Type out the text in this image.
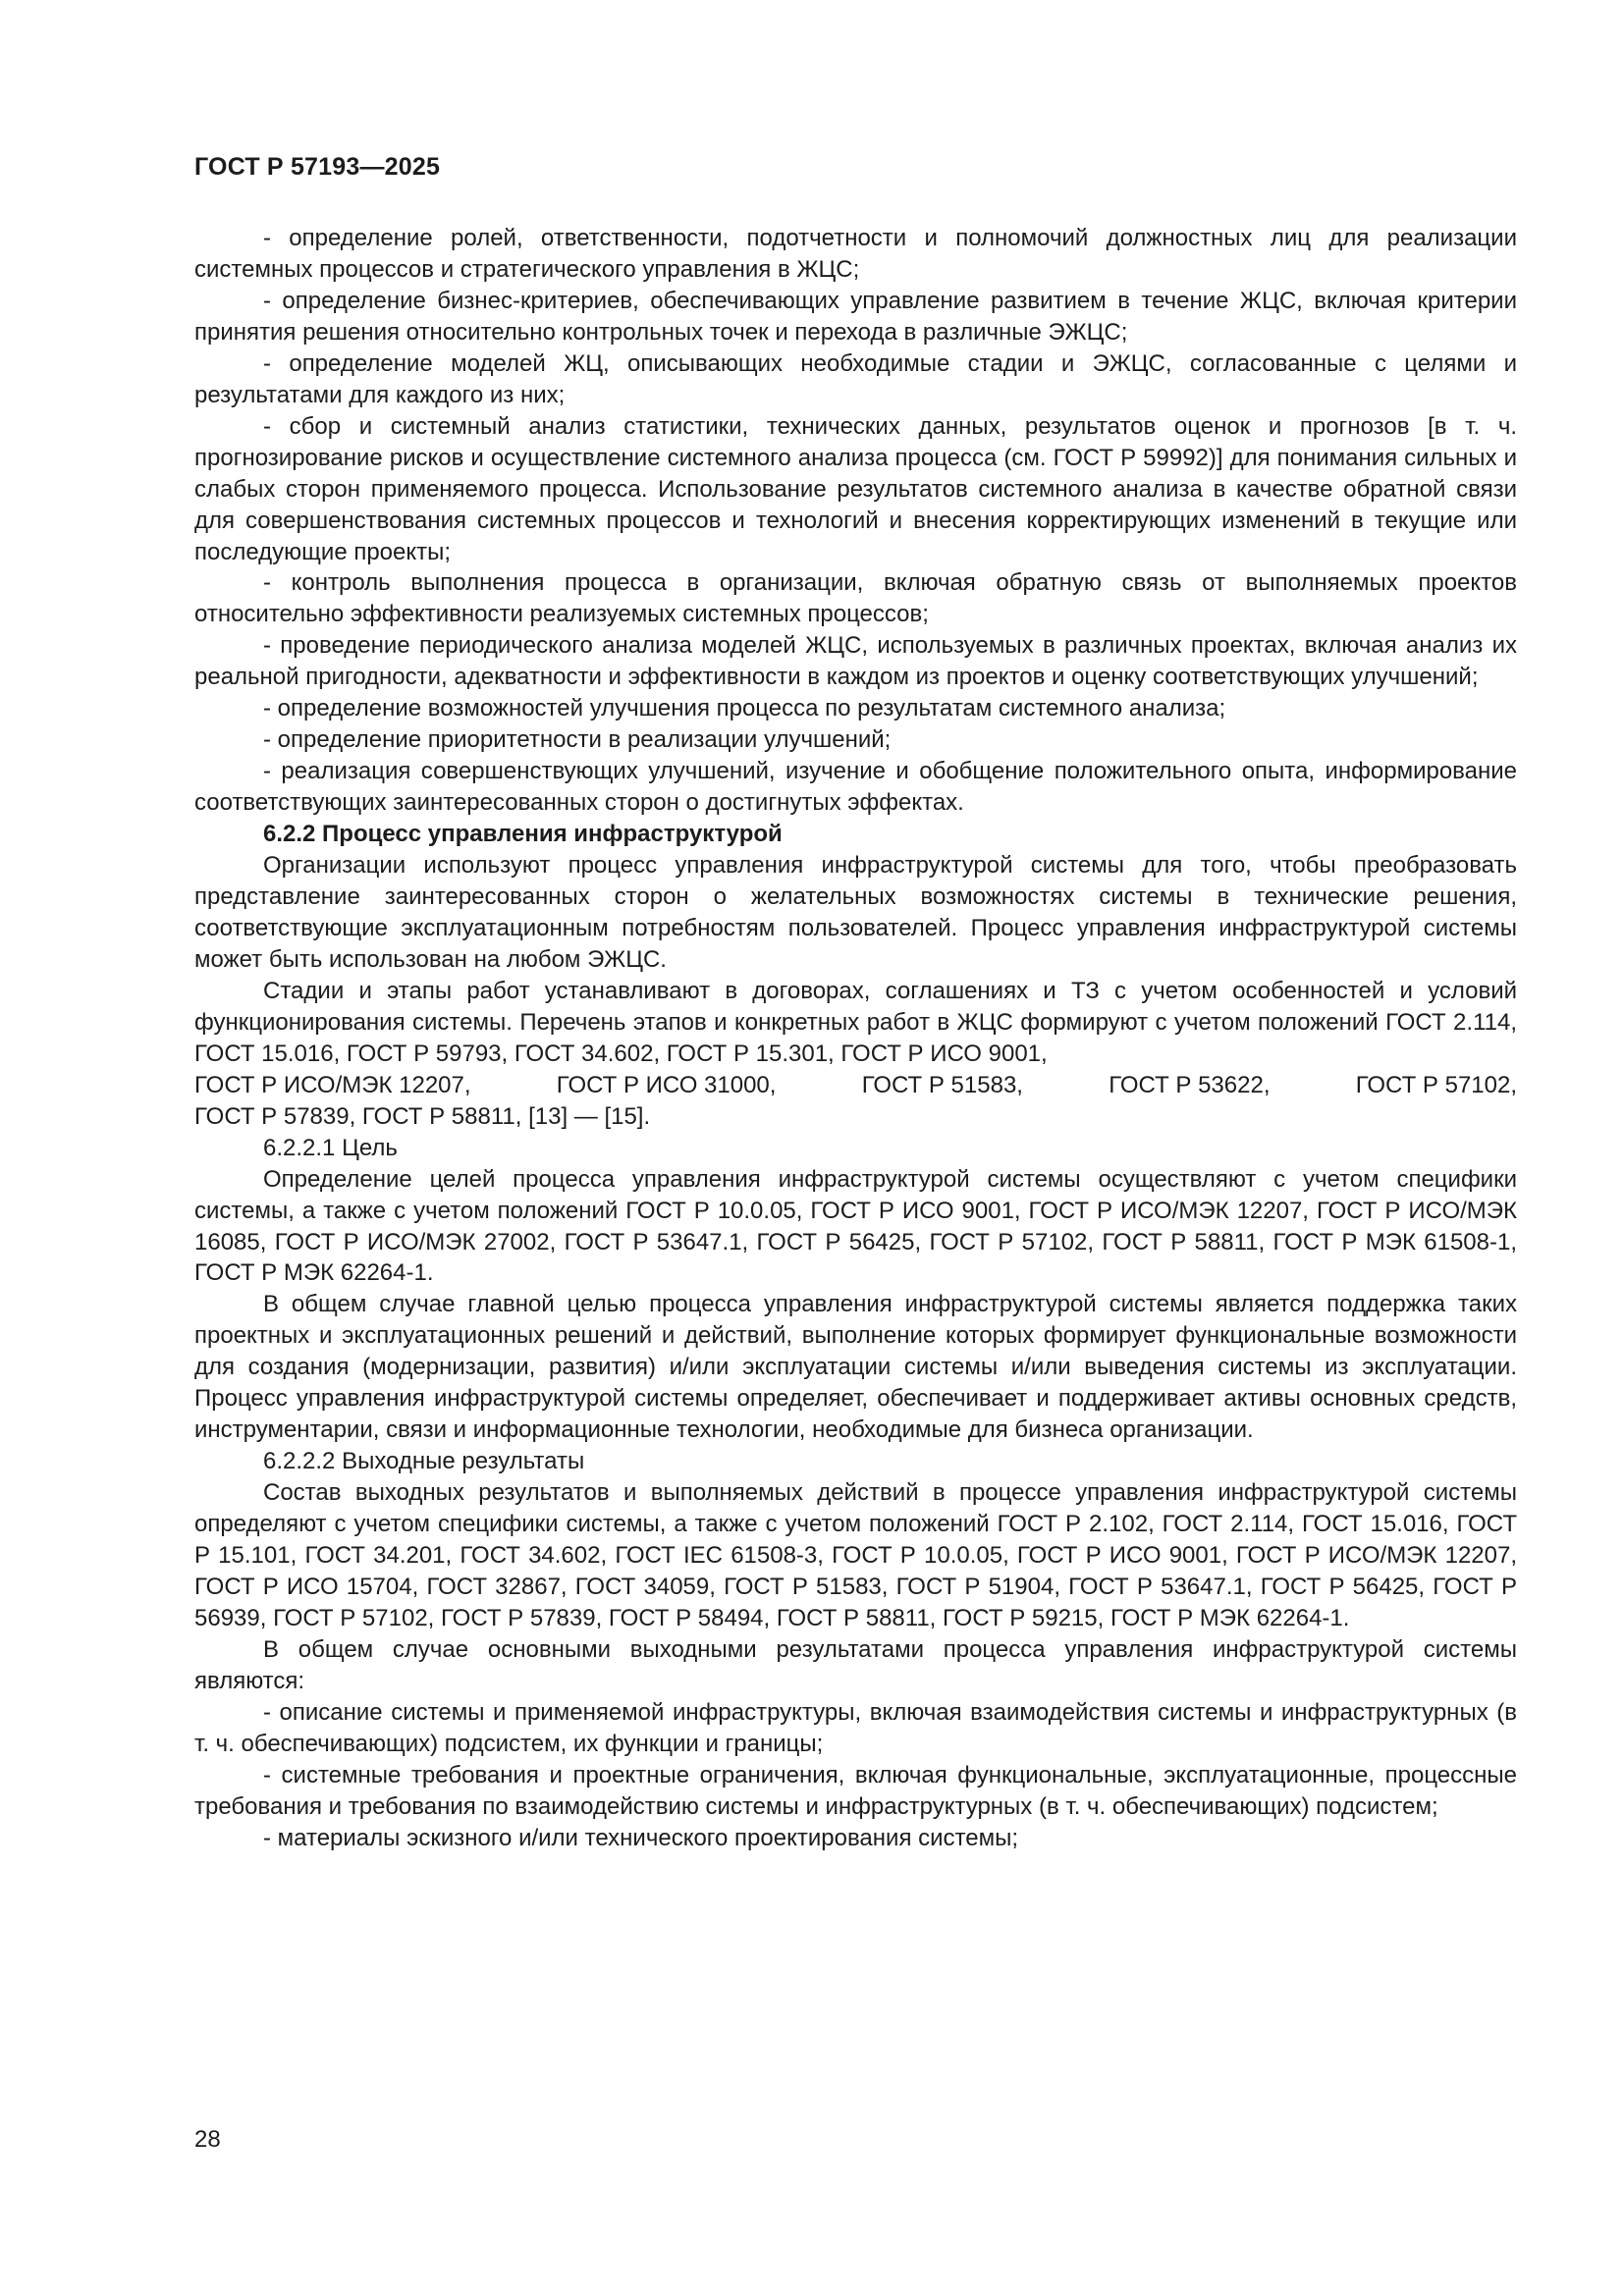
ГОСТ Р 57193—2025

- определение ролей, ответственности, подотчетности и полномочий должностных лиц для реализации системных процессов и стратегического управления в ЖЦС;

- определение бизнес-критериев, обеспечивающих управление развитием в течение ЖЦС, включая критерии принятия решения относительно контрольных точек и перехода в различные ЭЖЦС;

- определение моделей ЖЦ, описывающих необходимые стадии и ЭЖЦС, согласованные с целями и результатами для каждого из них;

- сбор и системный анализ статистики, технических данных, результатов оценок и прогнозов [в т. ч. прогнозирование рисков и осуществление системного анализа процесса (см. ГОСТ Р 59992)] для понимания сильных и слабых сторон применяемого процесса. Использование результатов системного анализа в качестве обратной связи для совершенствования системных процессов и технологий и внесения корректирующих изменений в текущие или последующие проекты;

- контроль выполнения процесса в организации, включая обратную связь от выполняемых проектов относительно эффективности реализуемых системных процессов;

- проведение периодического анализа моделей ЖЦС, используемых в различных проектах, включая анализ их реальной пригодности, адекватности и эффективности в каждом из проектов и оценку соответствующих улучшений;

- определение возможностей улучшения процесса по результатам системного анализа;

- определение приоритетности в реализации улучшений;

- реализация совершенствующих улучшений, изучение и обобщение положительного опыта, информирование соответствующих заинтересованных сторон о достигнутых эффектах.

6.2.2 Процесс управления инфраструктурой

Организации используют процесс управления инфраструктурой системы для того, чтобы преобразовать представление заинтересованных сторон о желательных возможностях системы в технические решения, соответствующие эксплуатационным потребностям пользователей. Процесс управления инфраструктурой системы может быть использован на любом ЭЖЦС.

Стадии и этапы работ устанавливают в договорах, соглашениях и ТЗ с учетом особенностей и условий функционирования системы. Перечень этапов и конкретных работ в ЖЦС формируют с учетом положений ГОСТ 2.114, ГОСТ 15.016, ГОСТ Р 59793, ГОСТ 34.602, ГОСТ Р 15.301, ГОСТ Р ИСО 9001,

ГОСТ Р ИСО/МЭК 12207,	ГОСТ Р ИСО 31000,	ГОСТ Р 51583,	ГОСТ Р 53622,	ГОСТ Р 57102,

ГОСТ Р 57839, ГОСТ Р 58811, [13] — [15].

6.2.2.1 Цель

Определение целей процесса управления инфраструктурой системы осуществляют с учетом специфики системы, а также с учетом положений ГОСТ Р 10.0.05, ГОСТ Р ИСО 9001, ГОСТ Р ИСО/МЭК 12207, ГОСТ Р ИСО/МЭК 16085, ГОСТ Р ИСО/МЭК 27002, ГОСТ Р 53647.1, ГОСТ Р 56425, ГОСТ Р 57102, ГОСТ Р 58811, ГОСТ Р МЭК 61508-1, ГОСТ Р МЭК 62264-1.

В общем случае главной целью процесса управления инфраструктурой системы является поддержка таких проектных и эксплуатационных решений и действий, выполнение которых формирует функциональные возможности для создания (модернизации, развития) и/или эксплуатации системы и/или выведения системы из эксплуатации. Процесс управления инфраструктурой системы определяет, обеспечивает и поддерживает активы основных средств, инструментарии, связи и информационные технологии, необходимые для бизнеса организации.

6.2.2.2 Выходные результаты

Состав выходных результатов и выполняемых действий в процессе управления инфраструктурой системы определяют с учетом специфики системы, а также с учетом положений ГОСТ Р 2.102, ГОСТ 2.114, ГОСТ 15.016, ГОСТ Р 15.101, ГОСТ 34.201, ГОСТ 34.602, ГОСТ IEC 61508-3, ГОСТ Р 10.0.05, ГОСТ Р ИСО 9001, ГОСТ Р ИСО/МЭК 12207, ГОСТ Р ИСО 15704, ГОСТ 32867, ГОСТ 34059, ГОСТ Р 51583, ГОСТ Р 51904, ГОСТ Р 53647.1, ГОСТ Р 56425, ГОСТ Р 56939, ГОСТ Р 57102, ГОСТ Р 57839, ГОСТ Р 58494, ГОСТ Р 58811, ГОСТ Р 59215, ГОСТ Р МЭК 62264-1.

В общем случае основными выходными результатами процесса управления инфраструктурой системы являются:

- описание системы и применяемой инфраструктуры, включая взаимодействия системы и инфраструктурных (в т. ч. обеспечивающих) подсистем, их функции и границы;

- системные требования и проектные ограничения, включая функциональные, эксплуатационные, процессные требования и требования по взаимодействию системы и инфраструктурных (в т. ч. обеспечивающих) подсистем;

- материалы эскизного и/или технического проектирования системы;

28
